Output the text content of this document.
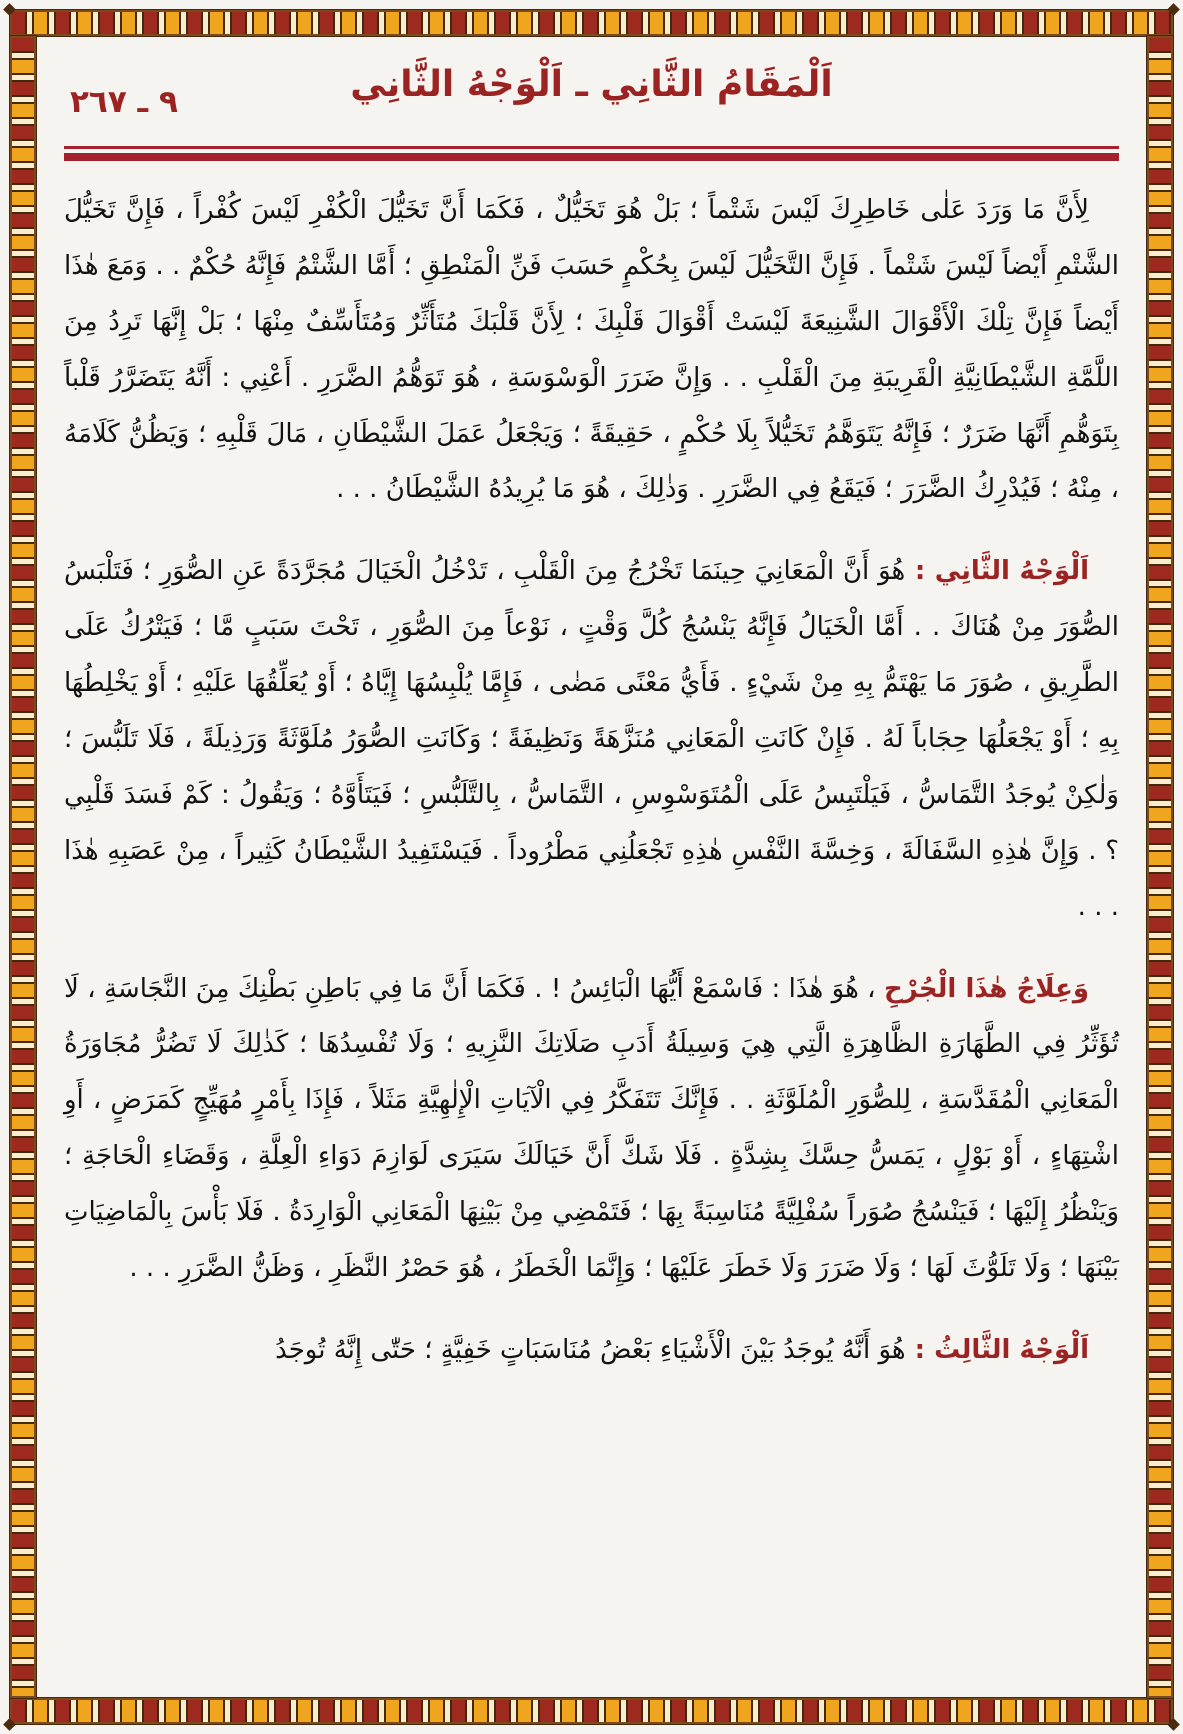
٩ ـ ٢٦٧	اَلْمَقَامُ الثَّانِي ـ اَلْوَجْهُ الثَّانِي

لِأَنَّ مَا وَرَدَ عَلٰى خَاطِرِكَ لَيْسَ شَتْماً ؛ بَلْ هُوَ تَخَيُّلٌ ، فَكَمَا أَنَّ تَخَيُّلَ الْكُفْرِ لَيْسَ كُفْراً ، فَإِنَّ تَخَيُّلَ الشَّتْمِ أَيْضاً لَيْسَ شَتْماً . فَإِنَّ التَّخَيُّلَ لَيْسَ بِحُكْمٍ حَسَبَ فَنِّ الْمَنْطِقِ ؛ أَمَّا الشَّتْمُ فَإِنَّهُ حُكْمٌ . . وَمَعَ هٰذَا أَيْضاً فَإِنَّ تِلْكَ الْأَقْوَالَ الشَّنِيعَةَ لَيْسَتْ أَقْوَالَ قَلْبِكَ ؛ لِأَنَّ قَلْبَكَ مُتَأَثِّرٌ وَمُتَأَسِّفٌ مِنْهَا ؛ بَلْ إِنَّهَا تَرِدُ مِنَ اللَّمَّةِ الشَّيْطَانِيَّةِ الْقَرِيبَةِ مِنَ الْقَلْبِ . . وَإِنَّ ضَرَرَ الْوَسْوَسَةِ ، هُوَ تَوَهُّمُ الضَّرَرِ . أَعْنِي : أَنَّهُ يَتَضَرَّرُ قَلْباً بِتَوَهُّمِ أَنَّهَا ضَرَرٌ ؛ فَإِنَّهُ يَتَوَهَّمُ تَخَيُّلاً بِلَا حُكْمٍ ، حَقِيقَةً ؛ وَيَجْعَلُ عَمَلَ الشَّيْطَانِ ، مَالَ قَلْبِهِ ؛ وَيَظُنُّ كَلَامَهُ ، مِنْهُ ؛ فَيُدْرِكُ الضَّرَرَ ؛ فَيَقَعُ فِي الضَّرَرِ . وَذٰلِكَ ، هُوَ مَا يُرِيدُهُ الشَّيْطَانُ . . .

اَلْوَجْهُ الثَّانِي : هُوَ أَنَّ الْمَعَانِيَ حِينَمَا تَخْرُجُ مِنَ الْقَلْبِ ، تَدْخُلُ الْخَيَالَ مُجَرَّدَةً عَنِ الصُّوَرِ ؛ فَتَلْبَسُ الصُّوَرَ مِنْ هُنَاكَ . . أَمَّا الْخَيَالُ فَإِنَّهُ يَنْسُجُ كُلَّ وَقْتٍ ، نَوْعاً مِنَ الصُّوَرِ ، تَحْتَ سَبَبٍ مَّا ؛ فَيَتْرُكُ عَلَى الطَّرِيقِ ، صُوَرَ مَا يَهْتَمُّ بِهِ مِنْ شَيْءٍ . فَأَيُّ مَعْنًى مَضٰى ، فَإِمَّا يُلْبِسُهَا إِيَّاهُ ؛ أَوْ يُعَلِّقُهَا عَلَيْهِ ؛ أَوْ يَخْلِطُهَا بِهِ ؛ أَوْ يَجْعَلُهَا حِجَاباً لَهُ . فَإِنْ كَانَتِ الْمَعَانِي مُنَزَّهَةً وَنَظِيفَةً ؛ وَكَانَتِ الصُّوَرُ مُلَوَّثَةً وَرَذِيلَةً ، فَلَا تَلَبُّسَ ؛ وَلٰكِنْ يُوجَدُ التَّمَاسُّ ، فَيَلْتَبِسُ عَلَى الْمُتَوَسْوِسِ ، التَّمَاسُّ ، بِالتَّلَبُّسِ ؛ فَيَتَأَوَّهُ ؛ وَيَقُولُ : كَمْ فَسَدَ قَلْبِي ؟ . وَإِنَّ هٰذِهِ السَّفَالَةَ ، وَخِسَّةَ النَّفْسِ هٰذِهِ تَجْعَلُنِي مَطْرُوداً . فَيَسْتَفِيدُ الشَّيْطَانُ كَثِيراً ، مِنْ عَصَبِهِ هٰذَا . . .

وَعِلَاجُ هٰذَا الْجُرْحِ ، هُوَ هٰذَا : فَاسْمَعْ أَيُّهَا الْبَائِسُ ! . فَكَمَا أَنَّ مَا فِي بَاطِنِ بَطْنِكَ مِنَ النَّجَاسَةِ ، لَا تُؤَثِّرُ فِي الطَّهَارَةِ الظَّاهِرَةِ الَّتِي هِيَ وَسِيلَةُ أَدَبِ صَلَاتِكَ النَّزِيهِ ؛ وَلَا تُفْسِدُهَا ؛ كَذٰلِكَ لَا تَضُرُّ مُجَاوَرَةُ الْمَعَانِي الْمُقَدَّسَةِ ، لِلصُّوَرِ الْمُلَوَّثَةِ . . فَإِنَّكَ تَتَفَكَّرُ فِي الْآيَاتِ الْإِلٰهِيَّةِ مَثَلاً ، فَإِذَا بِأَمْرٍ مُهَيِّجٍ كَمَرَضٍ ، أَوِ اشْتِهَاءٍ ، أَوْ بَوْلٍ ، يَمَسُّ حِسَّكَ بِشِدَّةٍ . فَلَا شَكَّ أَنَّ خَيَالَكَ سَيَرَى لَوَازِمَ دَوَاءِ الْعِلَّةِ ، وَقَضَاءِ الْحَاجَةِ ؛ وَيَنْظُرُ إِلَيْهَا ؛ فَيَنْسُجُ صُوَراً سُفْلِيَّةً مُنَاسِبَةً بِهَا ؛ فَتَمْضِي مِنْ بَيْنِهَا الْمَعَانِي الْوَارِدَةُ . فَلَا بَأْسَ بِالْمَاضِيَاتِ بَيْنَهَا ؛ وَلَا تَلَوُّثَ لَهَا ؛ وَلَا ضَرَرَ وَلَا خَطَرَ عَلَيْهَا ؛ وَإِنَّمَا الْخَطَرُ ، هُوَ حَصْرُ النَّظَرِ ، وَظَنُّ الضَّرَرِ . . .

اَلْوَجْهُ الثَّالِثُ : هُوَ أَنَّهُ يُوجَدُ بَيْنَ الْأَشْيَاءِ بَعْضُ مُنَاسَبَاتٍ خَفِيَّةٍ ؛ حَتّٰى إِنَّهُ تُوجَدُ
